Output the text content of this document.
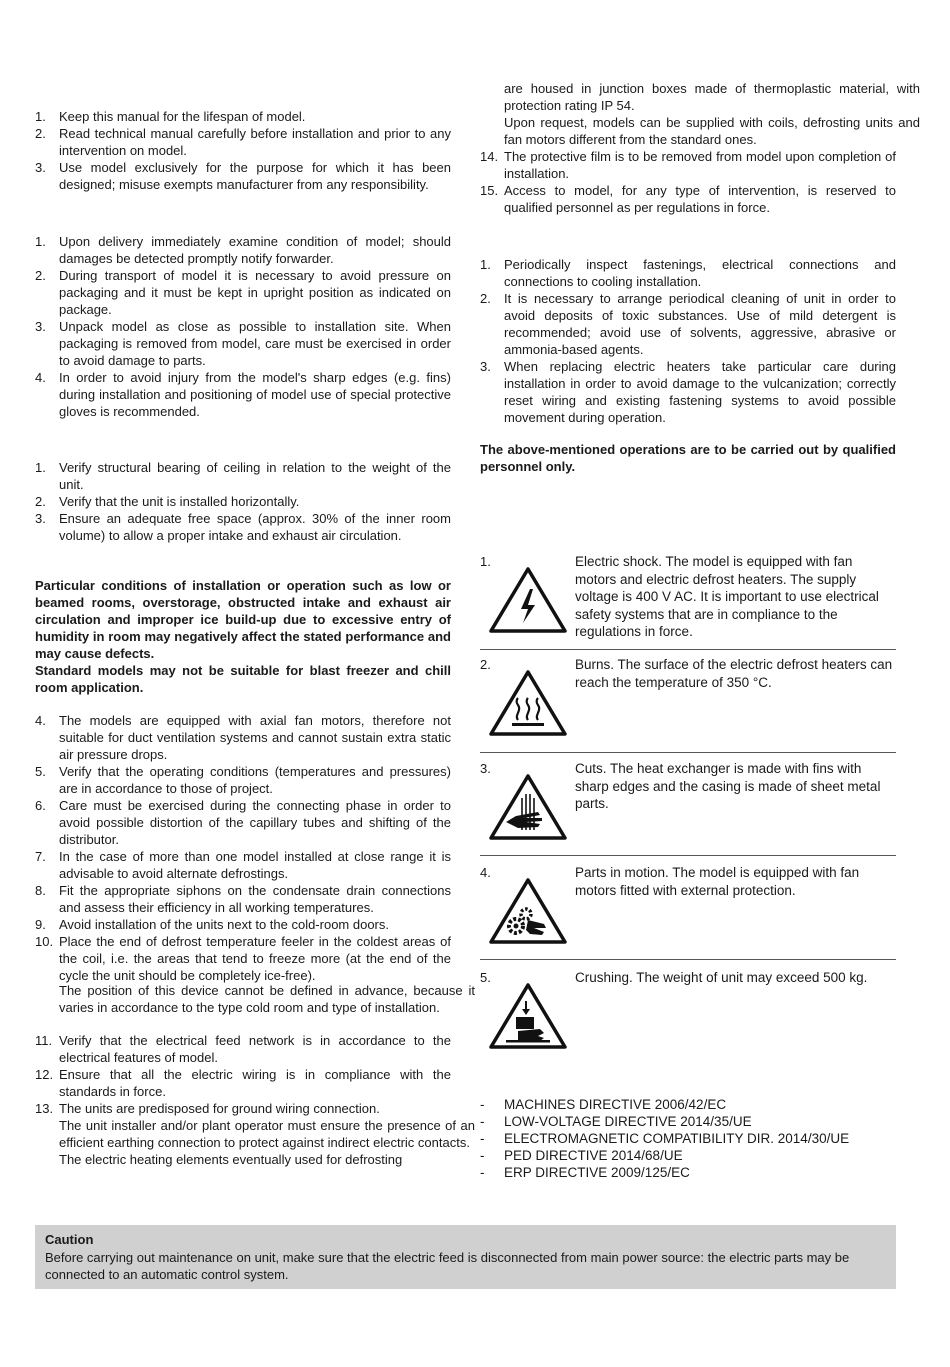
1. Keep this manual for the lifespan of model.
2. Read technical manual carefully before installation and prior to any intervention on model.
3. Use model exclusively for the purpose for which it has been designed; misuse exempts manufacturer from any responsibility.
1. Upon delivery immediately examine condition of model; should damages be detected promptly notify forwarder.
2. During transport of model it is necessary to avoid pressure on packaging and it must be kept in upright position as indicated on package.
3. Unpack model as close as possible to installation site. When packaging is removed from model, care must be exercised in order to avoid damage to parts.
4. In order to avoid injury from the model's sharp edges (e.g. fins) during installation and positioning of model use of special protective gloves is recommended.
1. Verify structural bearing of ceiling in relation to the weight of the unit.
2. Verify that the unit is installed horizontally.
3. Ensure an adequate free space (approx. 30% of the inner room volume) to allow a proper intake and exhaust air circulation.

Particular conditions of installation or operation such as low or beamed rooms, overstorage, obstructed intake and exhaust air circulation and improper ice build-up due to excessive entry of humidity in room may negatively affect the stated performance and may cause defects.

Standard models may not be suitable for blast freezer and chill room application.

4. The models are equipped with axial fan motors, therefore not suitable for duct ventilation systems and cannot sustain extra static air pressure drops.
5. Verify that the operating conditions (temperatures and pressures) are in accordance to those of project.
6. Care must be exercised during the connecting phase in order to avoid possible distortion of the capillary tubes and shifting of the distributor.
7. In the case of more than one model installed at close range it is advisable to avoid alternate defrostings.
8. Fit the appropriate siphons on the condensate drain connections and assess their efficiency in all working temperatures.
9. Avoid installation of the units next to the cold-room doors.
10. Place the end of defrost temperature feeler in the coldest areas of the coil, i.e. the areas that tend to freeze more (at the end of the cycle the unit should be completely ice-free).

The position of this device cannot be defined in advance, because it varies in accordance to the type cold room and type of installation.

11. Verify that the electrical feed network is in accordance to the electrical features of model.
12. Ensure that all the electric wiring is in compliance with the standards in force.
13. The units are predisposed for ground wiring connection.

The unit installer and/or plant operator must ensure the presence of an efficient earthing connection to protect against indirect electric contacts.

The electric heating elements eventually used for defrosting

are housed in junction boxes made of thermoplastic material, with protection rating IP 54.

Upon request, models can be supplied with coils, defrosting units and fan motors different from the standard ones.

14. The protective film is to be removed from model upon completion of installation.
15. Access to model, for any type of intervention, is reserved to qualified personnel as per regulations in force.
1. Periodically inspect fastenings, electrical connections and connections to cooling installation.
2. It is necessary to arrange periodical cleaning of unit in order to avoid deposits of toxic substances. Use of mild detergent is recommended; avoid use of solvents, aggressive, abrasive or ammonia-based agents.
3. When replacing electric heaters take particular care during installation in order to avoid damage to the vulcanization; correctly reset wiring and existing fastening systems to avoid possible movement during operation.

The above-mentioned operations are to be carried out by qualified personnel only.

1.	Electric shock. The model is equipped with fan motors and electric defrost heaters. The supply voltage is 400 V AC. It is important to use electrical safety systems that are in compliance to the regulations in force.
2.	Burns. The surface of the electric defrost heaters can reach the temperature of 350 °C.
3.	Cuts. The heat exchanger is made with fins with sharp edges and the casing is made of sheet metal parts.
4.	Parts in motion. The model is equipped with fan motors fitted with external protection.
5.	Crushing. The weight of unit may exceed 500 kg.
- MACHINES DIRECTIVE 2006/42/EC
- LOW-VOLTAGE DIRECTIVE 2014/35/UE
- ELECTROMAGNETIC COMPATIBILITY DIR. 2014/30/UE
- PED DIRECTIVE 2014/68/UE
- ERP DIRECTIVE 2009/125/EC
Caution
Before carrying out maintenance on unit, make sure that the electric feed is disconnected from main power source: the electric parts may be connected to an automatic control system.
